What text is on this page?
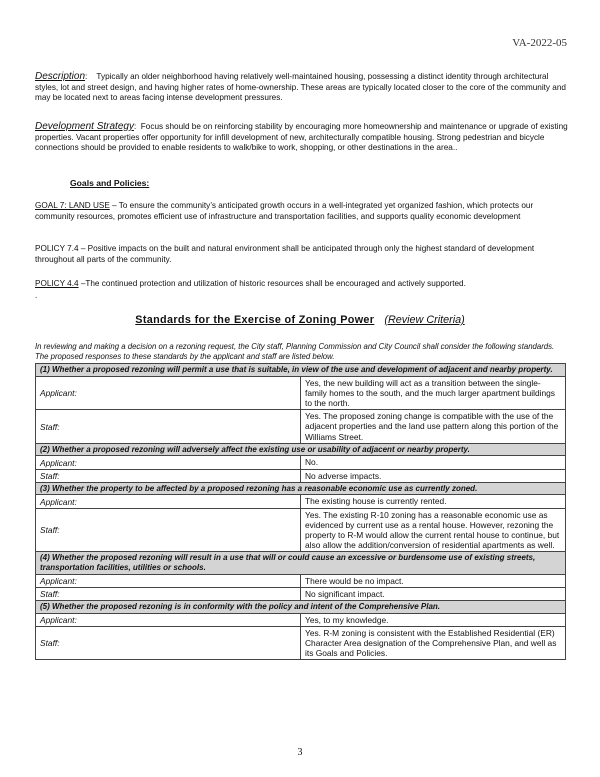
VA-2022-05

Description: Typically an older neighborhood having relatively well-maintained housing, possessing a distinct identity through architectural styles, lot and street design, and having higher rates of home-ownership. These areas are typically located closer to the core of the community and may be located next to areas facing intense development pressures.

Development Strategy: Focus should be on reinforcing stability by encouraging more homeownership and maintenance or upgrade of existing properties. Vacant properties offer opportunity for infill development of new, architecturally compatible housing. Strong pedestrian and bicycle connections should be provided to enable residents to walk/bike to work, shopping, or other destinations in the area..

Goals and Policies:

GOAL 7: LAND USE – To ensure the community’s anticipated growth occurs in a well-integrated yet organized fashion, which protects our community resources, promotes efficient use of infrastructure and transportation facilities, and supports quality economic development

POLICY 7.4 – Positive impacts on the built and natural environment shall be anticipated through only the highest standard of development throughout all parts of the community.

POLICY 4.4 –The continued protection and utilization of historic resources shall be encouraged and actively supported.

.

Standards for the Exercise of Zoning Power (Review Criteria)

In reviewing and making a decision on a rezoning request, the City staff, Planning Commission and City Council shall consider the following standards. The proposed responses to these standards by the applicant and staff are listed below.

(1) Whether a proposed rezoning will permit a use that is suitable, in view of the use and development of adjacent and nearby property.	
Applicant:	Yes, the new building will act as a transition between the single-family homes to the south, and the much larger apartment buildings to the north.
Staff:	Yes. The proposed zoning change is compatible with the use of the adjacent properties and the land use pattern along this portion of the Williams Street.
(2) Whether a proposed rezoning will adversely affect the existing use or usability of adjacent or nearby property.	
Applicant:	No.
Staff:	No adverse impacts.
(3) Whether the property to be affected by a proposed rezoning has a reasonable economic use as currently zoned.	
Applicant:	The existing house is currently rented.
Staff:	Yes. The existing R-10 zoning has a reasonable economic use as evidenced by current use as a rental house. However, rezoning the property to R-M would allow the current rental house to continue, but also allow the addition/conversion of residential apartments as well.
(4) Whether the proposed rezoning will result in a use that will or could cause an excessive or burdensome use of existing streets, transportation facilities, utilities or schools.	
Applicant:	There would be no impact.
Staff:	No significant impact.
(5) Whether the proposed rezoning is in conformity with the policy and intent of the Comprehensive Plan.	
Applicant:	Yes, to my knowledge.
Staff:	Yes. R-M zoning is consistent with the Established Residential (ER) Character Area designation of the Comprehensive Plan, and well as its Goals and Policies.

3
